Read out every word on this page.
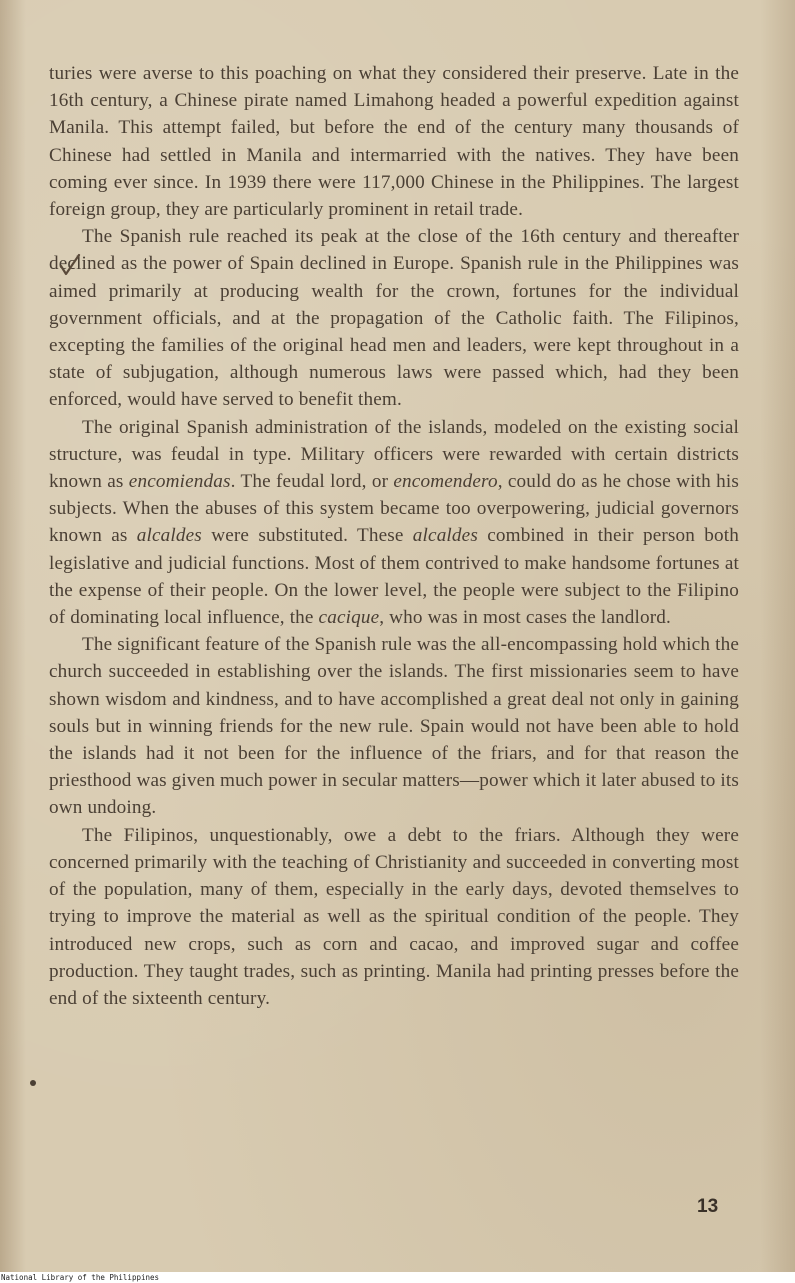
turies were averse to this poaching on what they considered their preserve. Late in the 16th century, a Chinese pirate named Limahong headed a powerful expedition against Manila. This attempt failed, but before the end of the century many thousands of Chinese had settled in Manila and intermarried with the natives. They have been coming ever since. In 1939 there were 117,000 Chinese in the Philippines. The largest foreign group, they are particularly prominent in retail trade.

The Spanish rule reached its peak at the close of the 16th century and thereafter declined as the power of Spain declined in Europe. Spanish rule in the Philippines was aimed primarily at producing wealth for the crown, fortunes for the individual government officials, and at the propagation of the Catholic faith. The Filipinos, excepting the families of the original head men and leaders, were kept throughout in a state of subjugation, although numerous laws were passed which, had they been enforced, would have served to benefit them.

The original Spanish administration of the islands, modeled on the existing social structure, was feudal in type. Military officers were rewarded with certain districts known as encomiendas. The feudal lord, or encomendero, could do as he chose with his subjects. When the abuses of this system became too overpowering, judicial governors known as alcaldes were substituted. These alcaldes combined in their person both legislative and judicial functions. Most of them contrived to make handsome fortunes at the expense of their people. On the lower level, the people were subject to the Filipino of dominating local influence, the cacique, who was in most cases the landlord.

The significant feature of the Spanish rule was the all-encompassing hold which the church succeeded in establishing over the islands. The first missionaries seem to have shown wisdom and kindness, and to have accomplished a great deal not only in gaining souls but in winning friends for the new rule. Spain would not have been able to hold the islands had it not been for the influence of the friars, and for that reason the priesthood was given much power in secular matters—power which it later abused to its own undoing.

The Filipinos, unquestionably, owe a debt to the friars. Although they were concerned primarily with the teaching of Christianity and succeeded in converting most of the population, many of them, especially in the early days, devoted themselves to trying to improve the material as well as the spiritual condition of the people. They introduced new crops, such as corn and cacao, and improved sugar and coffee production. They taught trades, such as printing. Manila had printing presses before the end of the sixteenth century.

13
National Library of the Philippines
